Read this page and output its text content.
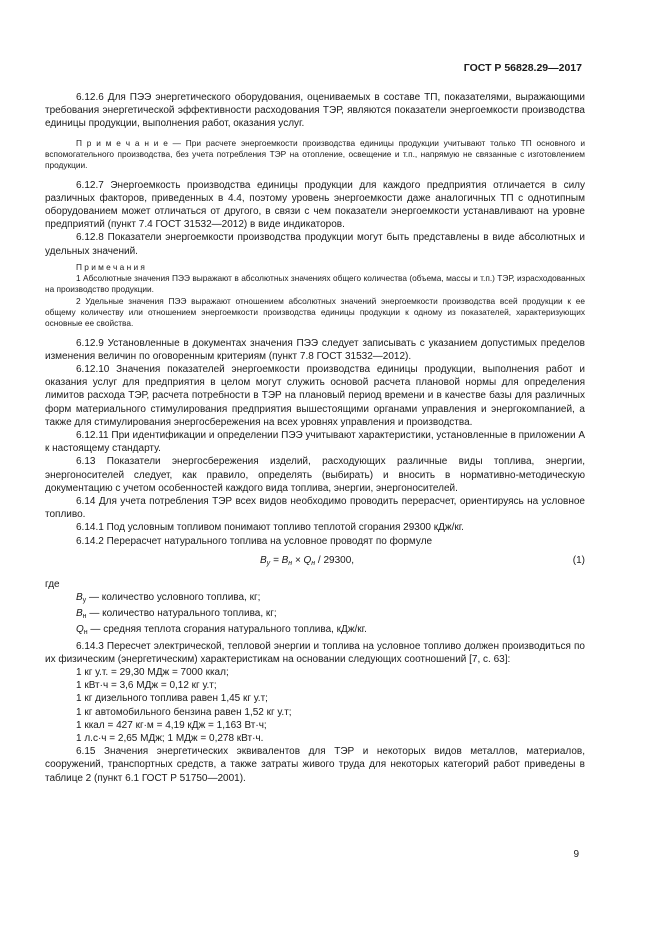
ГОСТ Р 56828.29—2017

6.12.6 Для ПЭЭ энергетического оборудования, оцениваемых в составе ТП, показателями, выражающими требования энергетической эффективности расходования ТЭР, являются показатели энергоемкости производства единицы продукции, выполнения работ, оказания услуг.

П р и м е ч а н и е — При расчете энергоемкости производства единицы продукции учитывают только ТП основного и вспомогательного производства, без учета потребления ТЭР на отопление, освещение и т.п., напрямую не связанные с изготовлением продукции.

6.12.7 Энергоемкость производства единицы продукции для каждого предприятия отличается в силу различных факторов, приведенных в 4.4, поэтому уровень энергоемкости даже аналогичных ТП с однотипным оборудованием может отличаться от другого, в связи с чем показатели энергоемкости устанавливают на уровне предприятий (пункт 7.4 ГОСТ 31532—2012) в виде индикаторов.

6.12.8 Показатели энергоемкости производства продукции могут быть представлены в виде абсолютных и удельных значений.

П р и м е ч а н и я

1 Абсолютные значения ПЭЭ выражают в абсолютных значениях общего количества (объема, массы и т.п.) ТЭР, израсходованных на производство продукции.

2 Удельные значения ПЭЭ выражают отношением абсолютных значений энергоемкости производства всей продукции к ее общему количеству или отношением энергоемкости производства единицы продукции к одному из показателей, характеризующих основные ее свойства.

6.12.9 Установленные в документах значения ПЭЭ следует записывать с указанием допустимых пределов изменения величин по оговоренным критериям (пункт 7.8 ГОСТ 31532—2012).

6.12.10 Значения показателей энергоемкости производства единицы продукции, выполнения работ и оказания услуг для предприятия в целом могут служить основой расчета плановой нормы для определения лимитов расхода ТЭР, расчета потребности в ТЭР на плановый период времени и в качестве базы для различных форм материального стимулирования предприятия вышестоящими органами управления и энергокомпанией, а также для стимулирования энергосбережения на всех уровнях управления и производства.

6.12.11 При идентификации и определении ПЭЭ учитывают характеристики, установленные в приложении А к настоящему стандарту.

6.13 Показатели энергосбережения изделий, расходующих различные виды топлива, энергии, энергоносителей следует, как правило, определять (выбирать) и вносить в нормативно-методическую документацию с учетом особенностей каждого вида топлива, энергии, энергоносителей.

6.14 Для учета потребления ТЭР всех видов необходимо проводить перерасчет, ориентируясь на условное топливо.

6.14.1 Под условным топливом понимают топливо теплотой сгорания 29300 кДж/кг.

6.14.2 Перерасчет натурального топлива на условное проводят по формуле

$B_у = B_н \times Q_н / 29300$,	(1)

где

$B_у$ — количество условного топлива, кг;

$B_н$ — количество натурального топлива, кг;

$Q_н$ — средняя теплота сгорания натурального топлива, кДж/кг.

6.14.3 Пересчет электрической, тепловой энергии и топлива на условное топливо должен производиться по их физическим (энергетическим) характеристикам на основании следующих соотношений [7, с. 63]:

1 кг у.т. = 29,30 МДж = 7000 ккал;

1 кВт·ч = 3,6 МДж = 0,12 кг у.т;

1 кг дизельного топлива равен 1,45 кг у.т;

1 кг автомобильного бензина равен 1,52 кг у.т;

1 ккал = 427 кг·м = 4,19 кДж = 1,163 Вт·ч;

1 л.с·ч = 2,65 МДж; 1 МДж = 0,278 кВт·ч.

6.15 Значения энергетических эквивалентов для ТЭР и некоторых видов металлов, материалов, сооружений, транспортных средств, а также затраты живого труда для некоторых категорий работ приведены в таблице 2 (пункт 6.1 ГОСТ Р 51750—2001).

9
